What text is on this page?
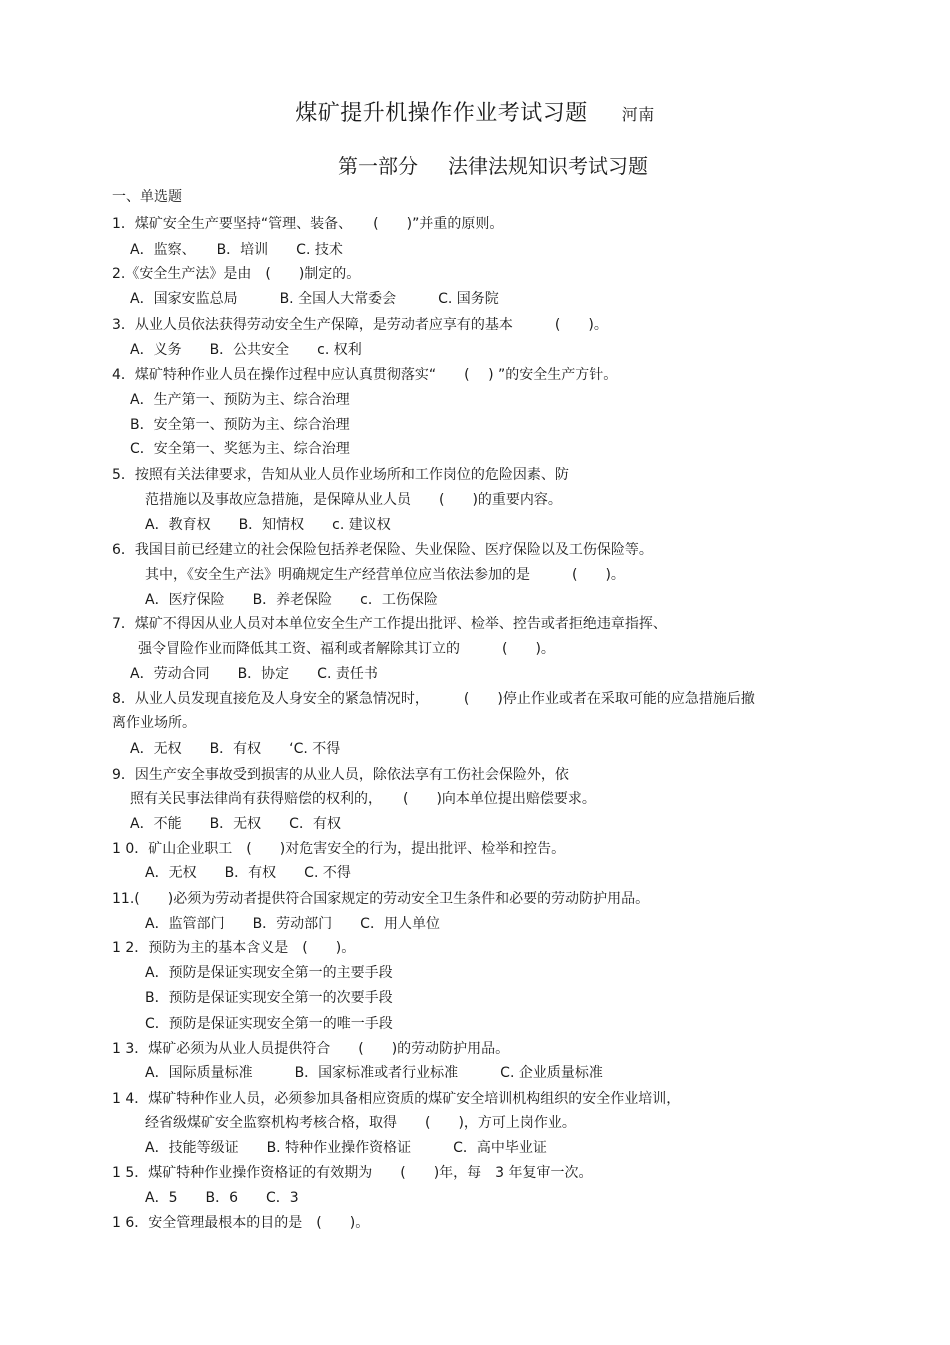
煤矿提升机操作作业考试习题 河南
第一部分 法律法规知识考试习题
一、单选题
1．煤矿安全生产要坚持“管理、装备、　　(　　)”并重的原则。
A．监察、　　B．培训　　C. 技术
2.《安全生产法》是由　(　　)制定的。
A．国家安监总局　　　B. 全国人大常委会　　　C. 国务院
3．从业人员依法获得劳动安全生产保障，是劳动者应享有的基本　　　(　　)。
A．义务　　B．公共安全　　c. 权利
4．煤矿特种作业人员在操作过程中应认真贯彻落实“　　( 　) ”的安全生产方针。
A．生产第一、预防为主、综合治理
B．安全第一、预防为主、综合治理
C．安全第一、奖惩为主、综合治理
5．按照有关法律要求，告知从业人员作业场所和工作岗位的危险因素、防
范措施以及事故应急措施，是保障从业人员　　(　　)的重要内容。
A．教育权　　B．知情权　　c. 建议权
6．我国目前已经建立的社会保险包括养老保险、失业保险、医疗保险以及工伤保险等。
其中，《安全生产法》明确规定生产经营单位应当依法参加的是　　　(　　)。
A．医疗保险　　B．养老保险　　c．工伤保险
7．煤矿不得因从业人员对本单位安全生产工作提出批评、检举、控告或者拒绝违章指挥、
强令冒险作业而降低其工资、福利或者解除其订立的　　　(　　)。
A．劳动合同　　B．协定　　C. 责任书
8．从业人员发现直接危及人身安全的紧急情况时，　　　(　　)停止作业或者在采取可能的应急措施后撤
离作业场所。
A．无权　　B．有权　　‘C. 不得
9．因生产安全事故受到损害的从业人员，除依法享有工伤社会保险外，依
照有关民事法律尚有获得赔偿的权利的，　　(　　)向本单位提出赔偿要求。
A．不能　　B．无权　　C．有权
1 0．矿山企业职工　(　　)对危害安全的行为，提出批评、检举和控告。
A．无权　　B．有权　　C. 不得
11.(　　)必须为劳动者提供符合国家规定的劳动安全卫生条件和必要的劳动防护用品。
A．监管部门　　B．劳动部门　　C．用人单位
1 2．预防为主的基本含义是　(　　)。
A．预防是保证实现安全第一的主要手段
B．预防是保证实现安全第一的次要手段
C．预防是保证实现安全第一的唯一手段
1 3．煤矿必须为从业人员提供符合　　(　　)的劳动防护用品。
A．国际质量标准　　　B．国家标准或者行业标准　　　C. 企业质量标准
1 4．煤矿特种作业人员，必须参加具备相应资质的煤矿安全培训机构组织的安全作业培训，
经省级煤矿安全监察机构考核合格，取得　　(　　)，方可上岗作业。
A．技能等级证　　B. 特种作业操作资格证　　　C．高中毕业证
1 5．煤矿特种作业操作资格证的有效期为　　(　　)年，每　3 年复审一次。
A．5　　B．6　　C．3
1 6．安全管理最根本的目的是　(　　)。
